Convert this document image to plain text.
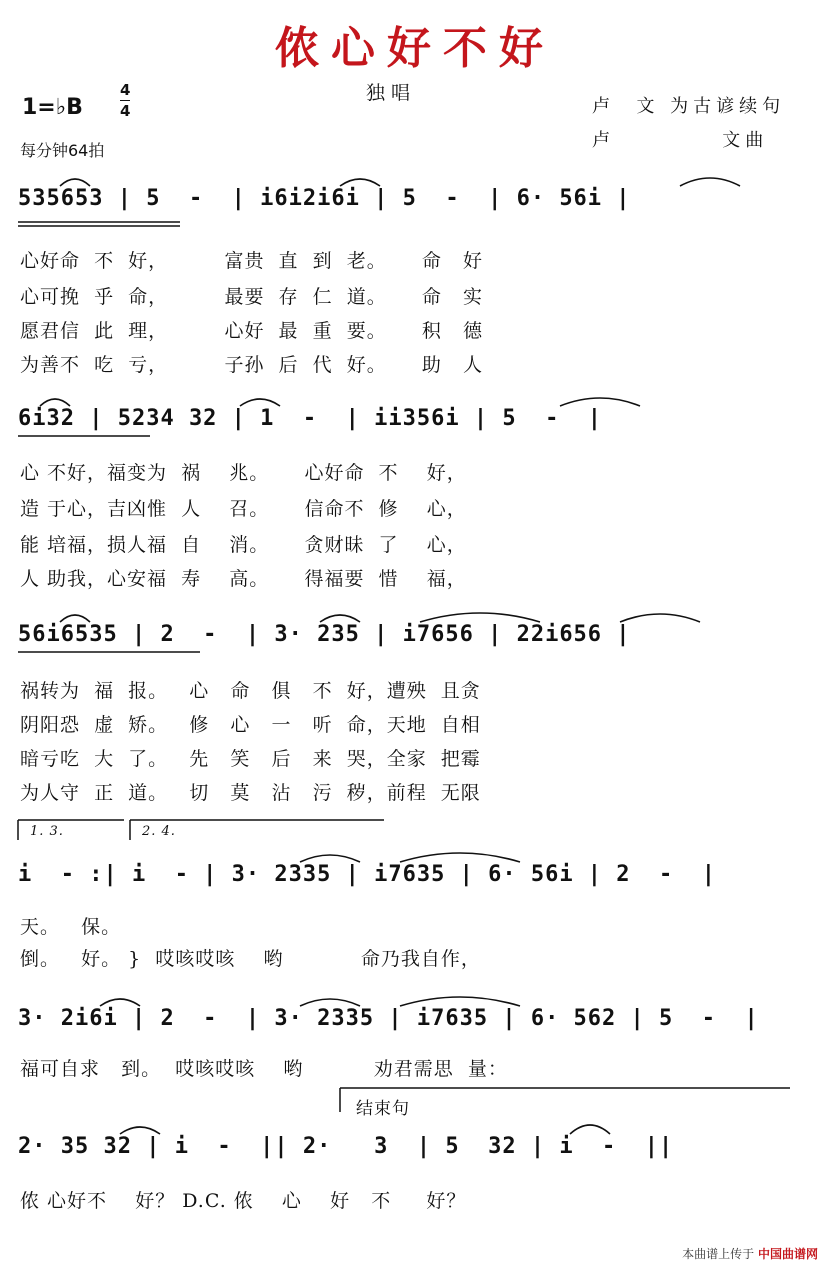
侬心好不好
独唱
1=♭B
4
4
每分钟64拍
卢  文 为古谚续句
卢          文曲
535653 | 5  -  | i6i2i6i | 5  -  | 6· 56i |
心好命  不  好，        富贵  直  到  老。     命   好
心可挽  乎  命，        最要  存  仁  道。     命   实
愿君信  此  理，        心好  最  重  要。     积   德
为善不  吃  亏，        子孙  后  代  好。     助   人
6i32 | 5234 32 | 1  -  | ii356i | 5  -  |
心 不好，福变为  祸    兆。     心好命  不    好，
造 于心，吉凶惟  人    召。     信命不  修    心，
能 培福，损人福  自    消。     贪财昧  了    心，
人 助我，心安福  寿    高。     得福要  惜    福，
56i6535 | 2  -  | 3· 235 | i7656 | 22i656 |
祸转为  福  报。   心   命   俱   不  好，遭殃  且贪
阴阳恐  虚  矫。   修   心   一   听  命，天地  自相
暗亏吃  大  了。   先   笑   后   来  哭，全家  把霉
为人守  正  道。   切   莫   沾   污  秽，前程  无限
1. 3.	2. 4.
i  - :| i  - | 3· 2335 | i7635 | 6· 56i | 2  -  |
天。   保。
倒。   好。 }  哎咳哎咳    哟           命乃我自作，
3· 2i6i | 2  -  | 3· 2335 | i7635 | 6· 562 | 5  -  |
福可自求   到。  哎咳哎咳    哟          劝君需思  量：
结束句
2· 35 32 | i  -  || 2·   3  | 5  32 | i  -  ||
侬 心好不    好？ D.C. 侬    心    好   不     好？
本曲谱上传于 中国曲谱网
